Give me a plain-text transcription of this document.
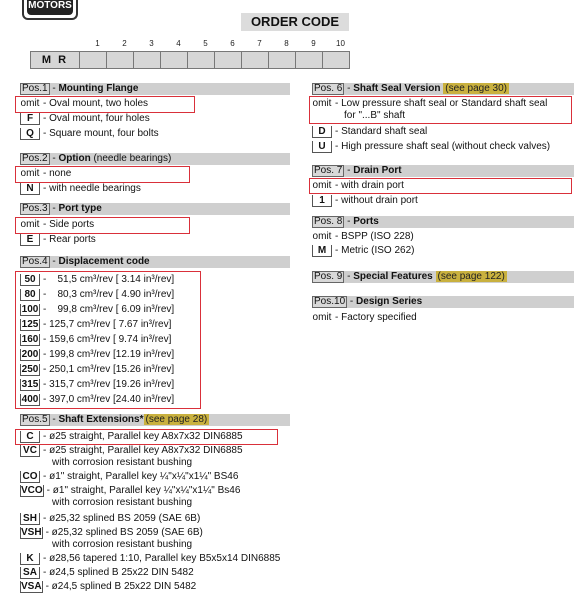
MOTORS
ORDER CODE
1	2	3	4	5	6	7	8	9	10
M R
Pos.1 - Mounting Flange
omit - Oval mount, two holes
F - Oval mount, four holes
Q - Square mount, four bolts
Pos.2 - Option (needle bearings)
omit - none
N - with needle bearings
Pos.3 - Port type
omit - Side ports
E - Rear ports
Pos.4 - Displacement code
50 -    51,5 cm³/rev [ 3.14 in³/rev]
80 -    80,3 cm³/rev [ 4.90 in³/rev]
100 -    99,8 cm³/rev [ 6.09 in³/rev]
125 - 125,7 cm³/rev [ 7.67 in³/rev]
160 - 159,6 cm³/rev [ 9.74 in³/rev]
200 - 199,8 cm³/rev [12.19 in³/rev]
250 - 250,1 cm³/rev [15.26 in³/rev]
315 - 315,7 cm³/rev [19.26 in³/rev]
400 - 397,0 cm³/rev [24.40 in³/rev]
Pos.5 - Shaft Extensions* (see page 28)
C - ø25 straight, Parallel key A8x7x32 DIN6885
VC - ø25 straight, Parallel key A8x7x32 DIN6885
with corrosion resistant bushing
CO - ø1" straight, Parallel key ¼"x¼"x1¼" BS46
VCO - ø1" straight, Parallel key ¼"x¼"x1¼" Bs46
with corrosion resistant bushing
SH - ø25,32 splined BS 2059 (SAE 6B)
VSH - ø25,32 splined BS 2059 (SAE 6B)
with corrosion resistant bushing
K - ø28,56 tapered 1:10, Parallel key B5x5x14 DIN6885
SA - ø24,5 splined B 25x22 DIN 5482
VSA - ø24,5 splined B 25x22 DIN 5482
Pos. 6 - Shaft Seal Version (see page 30)
omit - Low pressure shaft seal or Standard shaft seal
for "...B" shaft
D - Standard shaft seal
U - High pressure shaft seal (without check valves)
Pos. 7 - Drain Port
omit - with drain port
1 - without drain port
Pos. 8 - Ports
omit - BSPP (ISO 228)
M - Metric (ISO 262)
Pos. 9 - Special Features (see page 122)
Pos.10 - Design Series
omit - Factory specified
